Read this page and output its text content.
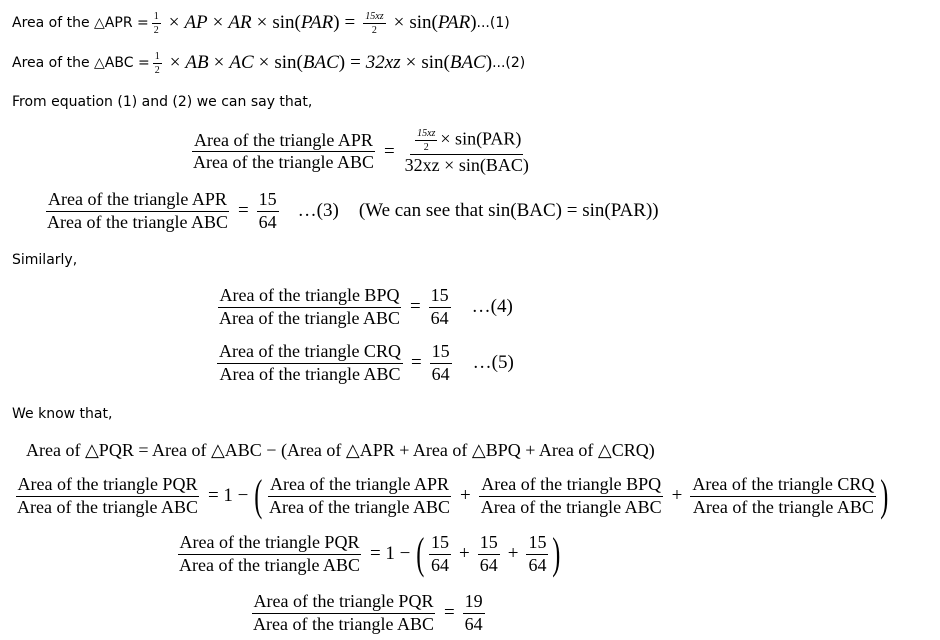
Area of the △APR = $\frac{1}{2}$ × AP × AR × sin( PAR ) = $\frac{15xz}{2} \times \sin$( PAR ) ...(1)
Area of the △ABC = $\frac{1}{2}$ × AB × AC × sin( BAC ) = 32xz × sin( BAC ) ...(2)
From equation (1) and (2) we can say that,
$\frac{\text{Area of the triangle APR}}{\text{Area of the triangle ABC}} = \frac{\frac{15xz}{2} \times \sin(PAR)}{\text{32xz × sin(BAC)}}$
$\frac{\text{Area of the triangle APR}}{\text{Area of the triangle ABC}} = \frac{15}{64}$ …(3) (We can see that sin(BAC) = sin(PAR))
Similarly,
$\frac{\text{Area of the triangle BPQ}}{\text{Area of the triangle ABC}} = \frac{15}{64}$ …(4)
$\frac{\text{Area of the triangle CRQ}}{\text{Area of the triangle ABC}} = \frac{15}{64}$ …(5)
We know that,
Area of △PQR = Area of △ABC − (Area of △APR + Area of △BPQ + Area of △CRQ)
$\frac{\text{Area of the triangle PQR}}{\text{Area of the triangle ABC}} = 1$ − ( $\frac{\text{Area of the triangle APR}}{\text{Area of the triangle ABC}} + \frac{\text{Area of the triangle BPQ}}{\text{Area of the triangle ABC}} + \frac{\text{Area of the triangle CRQ}}{\text{Area of the triangle ABC}}$ )
$\frac{\text{Area of the triangle PQR}}{\text{Area of the triangle ABC}} = 1$ − ( $\frac{15}{64} + \frac{15}{64} + \frac{15}{64}$ )
$\frac{\text{Area of the triangle PQR}}{\text{Area of the triangle ABC}} = \frac{19}{64}$
